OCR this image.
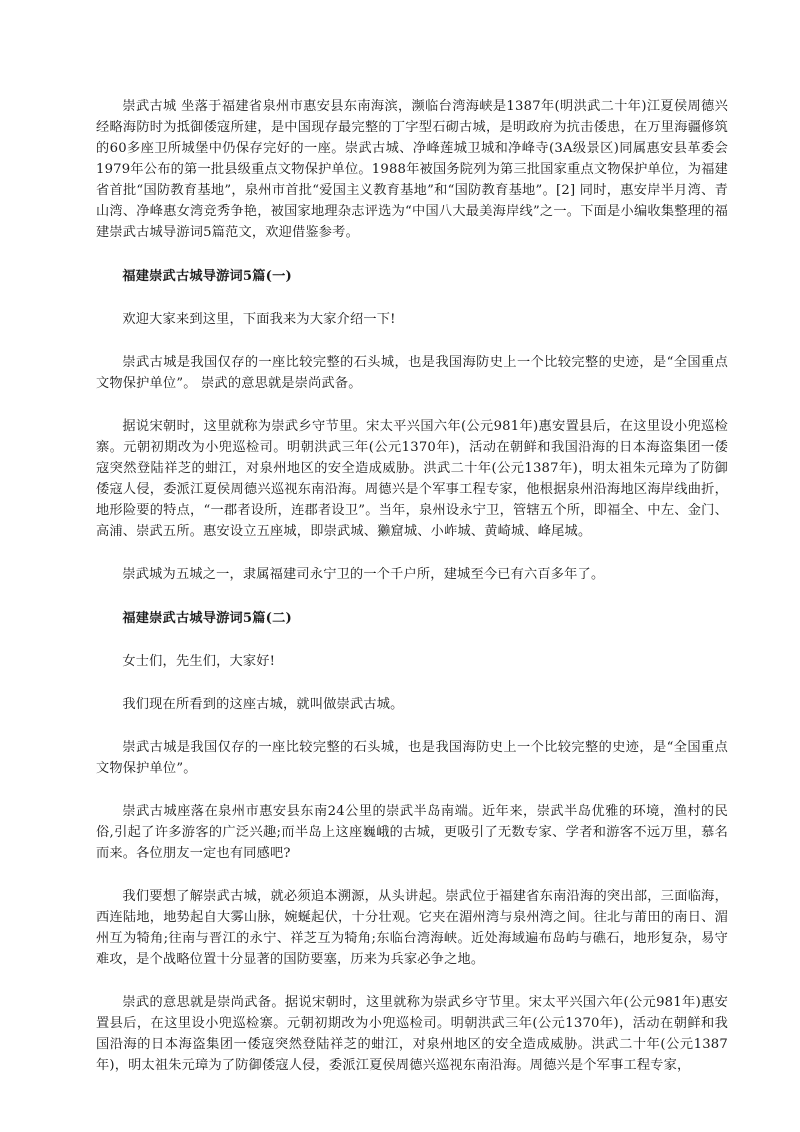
崇武古城 坐落于福建省泉州市惠安县东南海滨，濒临台湾海峡是1387年(明洪武二十年)江夏侯周德兴经略海防时为抵御倭寇所建，是中国现存最完整的丁字型石砌古城，是明政府为抗击倭患，在万里海疆修筑的60多座卫所城堡中仍保存完好的一座。崇武古城、净峰莲城卫城和净峰寺(3A级景区)同属惠安县革委会1979年公布的第一批县级重点文物保护单位。1988年被国务院列为第三批国家重点文物保护单位，为福建省首批“国防教育基地”，泉州市首批“爱国主义教育基地”和“国防教育基地”。[2] 同时，惠安岸半月湾、青山湾、净峰惠女湾竞秀争艳，被国家地理杂志评选为“中国八大最美海岸线”之一。下面是小编收集整理的福建崇武古城导游词5篇范文，欢迎借鉴参考。

福建崇武古城导游词5篇(一)

欢迎大家来到这里，下面我来为大家介绍一下!

崇武古城是我国仅存的一座比较完整的石头城，也是我国海防史上一个比较完整的史迹，是“全国重点文物保护单位”。 崇武的意思就是崇尚武备。

据说宋朝时，这里就称为崇武乡守节里。宋太平兴国六年(公元981年)惠安置县后，在这里设小兜巡检寨。元朝初期改为小兜巡检司。明朝洪武三年(公元1370年)，活动在朝鲜和我国沿海的日本海盗集团一倭寇突然登陆祥芝的蚶江，对泉州地区的安全造成威胁。洪武二十年(公元1387年)，明太祖朱元璋为了防御倭寇人侵，委派江夏侯周德兴巡视东南沿海。周德兴是个军事工程专家，他根据泉州沿海地区海岸线曲折，地形险要的特点，“一郡者设所，连郡者设卫”。当年，泉州设永宁卫，管辖五个所，即福全、中左、金门、高浦、崇武五所。惠安设立五座城，即崇武城、獭窟城、小岞城、黄崎城、峰尾城。

崇武城为五城之一，隶属福建司永宁卫的一个千户所，建城至今已有六百多年了。

福建崇武古城导游词5篇(二)

女士们，先生们，大家好!

我们现在所看到的这座古城，就叫做崇武古城。

崇武古城是我国仅存的一座比较完整的石头城，也是我国海防史上一个比较完整的史迹，是“全国重点文物保护单位”。

崇武古城座落在泉州市惠安县东南24公里的崇武半岛南端。近年来，崇武半岛优雅的环境，渔村的民俗,引起了许多游客的广泛兴趣;而半岛上这座巍峨的古城，更吸引了无数专家、学者和游客不远万里，慕名而来。各位朋友一定也有同感吧?

我们要想了解崇武古城，就必须追本溯源，从头讲起。崇武位于福建省东南沿海的突出部，三面临海，西连陆地，地势起自大雾山脉，婉蜒起伏，十分壮观。它夹在湄州湾与泉州湾之间。往北与莆田的南日、湄州互为犄角;往南与晋江的永宁、祥芝互为犄角;东临台湾海峡。近处海域遍布岛屿与礁石，地形复杂，易守难攻，是个战略位置十分显著的国防要塞，历来为兵家必争之地。

崇武的意思就是崇尚武备。据说宋朝时，这里就称为崇武乡守节里。宋太平兴国六年(公元981年)惠安置县后，在这里设小兜巡检寨。元朝初期改为小兜巡检司。明朝洪武三年(公元1370年)，活动在朝鲜和我国沿海的日本海盗集团一倭寇突然登陆祥芝的蚶江，对泉州地区的安全造成威胁。洪武二十年(公元1387年)，明太祖朱元璋为了防御倭寇人侵，委派江夏侯周德兴巡视东南沿海。周德兴是个军事工程专家，
